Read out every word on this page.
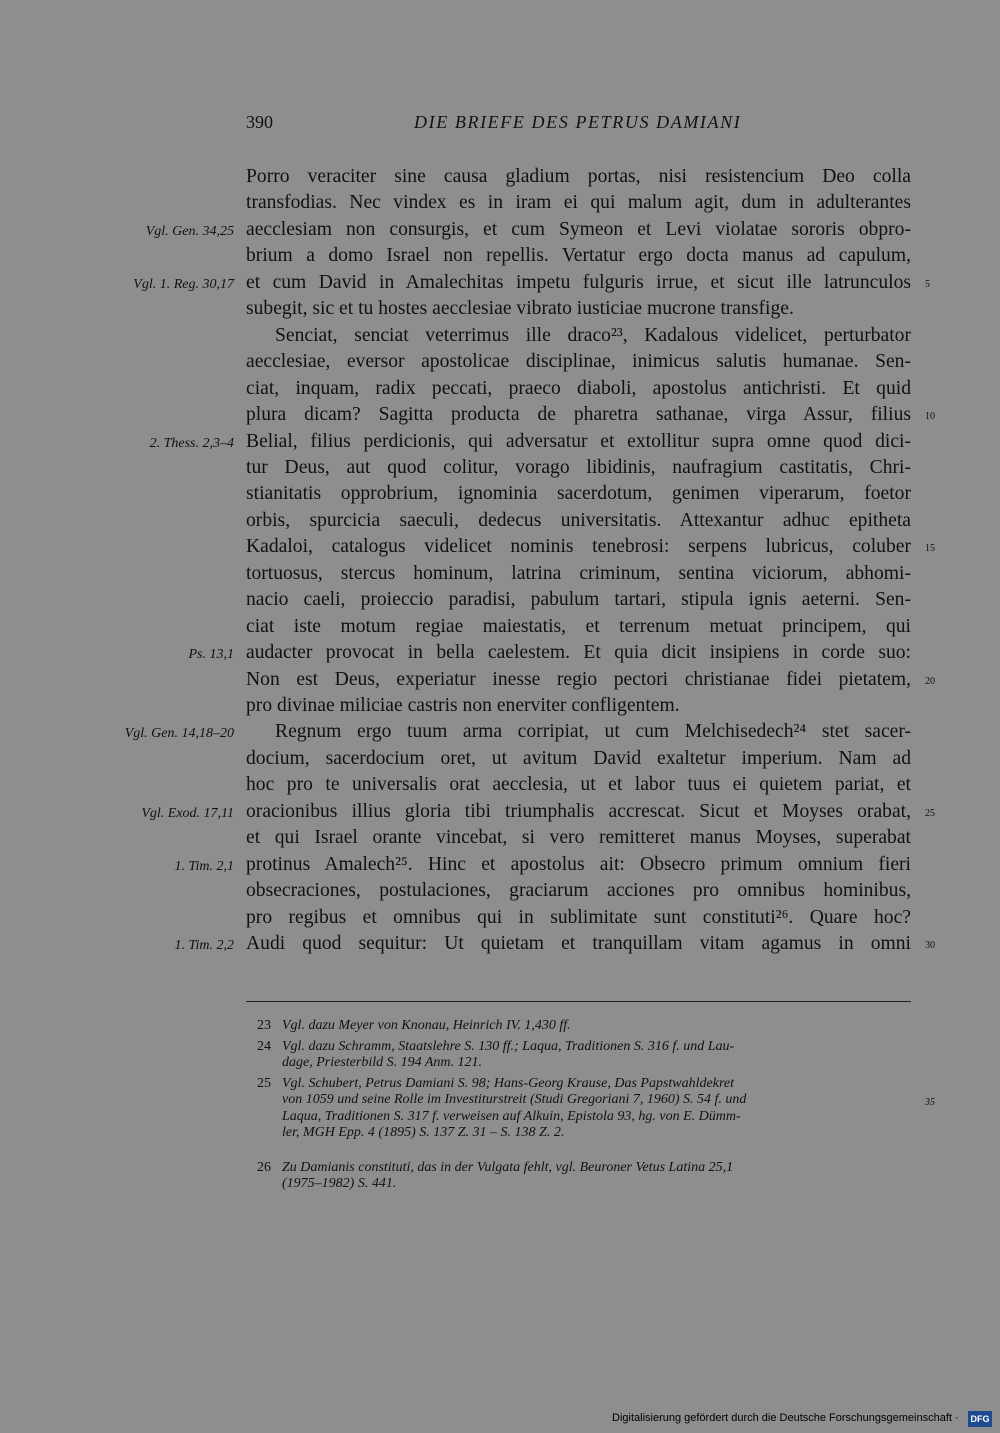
390	DIE BRIEFE DES PETRUS DAMIANI
Porro veraciter sine causa gladium portas, nisi resistencium Deo colla
transfodias. Nec vindex es in iram ei qui malum agit, dum in adulterantes
Vgl. Gen. 34,25 aecclesiam non consurgis, et cum Symeon et Levi violatae sororis obpro-
brium a domo Israel non repellis. Vertatur ergo docta manus ad capulum,
Vgl. 1. Reg. 30,17 et cum David in Amalechitas impetu fulguris irrue, et sicut ille latrunculos 5
subegit, sic et tu hostes aecclesiae vibrato iusticiae mucrone transfige.
Senciat, senciat veterrimus ille draco²³, Kadalous videlicet, perturbator
aecclesiae, eversor apostolicae disciplinae, inimicus salutis humanae. Sen-
ciat, inquam, radix peccati, praeco diaboli, apostolus antichristi. Et quid
plura dicam? Sagitta producta de pharetra sathanae, virga Assur, filius 10
2. Thess. 2,3–4 Belial, filius perdicionis, qui adversatur et extollitur supra omne quod dici-
tur Deus, aut quod colitur, vorago libidinis, naufragium castitatis, Chri-
stianitatis opprobrium, ignominia sacerdotum, genimen viperarum, foetor
orbis, spurcicia saeculi, dedecus universitatis. Attexantur adhuc epitheta
Kadaloi, catalogus videlicet nominis tenebrosi: serpens lubricus, coluber 15
tortuosus, stercus hominum, latrina criminum, sentina viciorum, abhomi-
nacio caeli, proieccio paradisi, pabulum tartari, stipula ignis aeterni. Sen-
ciat iste motum regiae maiestatis, et terrenum metuat principem, qui
Ps. 13,1 audacter provocat in bella caelestem. Et quia dicit insipiens in corde suo:
Non est Deus, experiatur inesse regio pectori christianae fidei pietatem, 20
pro divinae miliciae castris non enerviter confligentem.
Vgl. Gen. 14,18–20 Regnum ergo tuum arma corripiat, ut cum Melchisedech²⁴ stet sacer-
docium, sacerdocium oret, ut avitum David exaltetur imperium. Nam ad
hoc pro te universalis orat aecclesia, ut et labor tuus ei quietem pariat, et
Vgl. Exod. 17,11 oracionibus illius gloria tibi triumphalis accrescat. Sicut et Moyses orabat, 25
et qui Israel orante vincebat, si vero remitteret manus Moyses, superabat
1. Tim. 2,1 protinus Amalech²⁵. Hinc et apostolus ait: Obsecro primum omnium fieri
obsecraciones, postulaciones, graciarum acciones pro omnibus hominibus,
pro regibus et omnibus qui in sublimitate sunt constituti²⁶. Quare hoc?
1. Tim. 2,2 Audi quod sequitur: Ut quietam et tranquillam vitam agamus in omni 30
23 Vgl. dazu Meyer von Knonau, Heinrich IV. 1,430 ff.
24 Vgl. dazu Schramm, Staatslehre S. 130 ff.; Laqua, Traditionen S. 316 f. und Lau-
dage, Priesterbild S. 194 Anm. 121.
25 Vgl. Schubert, Petrus Damiani S. 98; Hans-Georg Krause, Das Papstwahldekret
von 1059 und seine Rolle im Investiturstreit (Studi Gregoriani 7, 1960) S. 54 f. und
Laqua, Traditionen S. 317 f. verweisen auf Alkuin, Epistola 93, hg. von E. Dümm-
ler, MGH Epp. 4 (1895) S. 137 Z. 31 – S. 138 Z. 2.
35
26 Zu Damianis constituti, das in der Vulgata fehlt, vgl. Beuroner Vetus Latina 25,1
(1975–1982) S. 441.
Digitalisierung gefördert durch die Deutsche Forschungsgemeinschaft · DFG
